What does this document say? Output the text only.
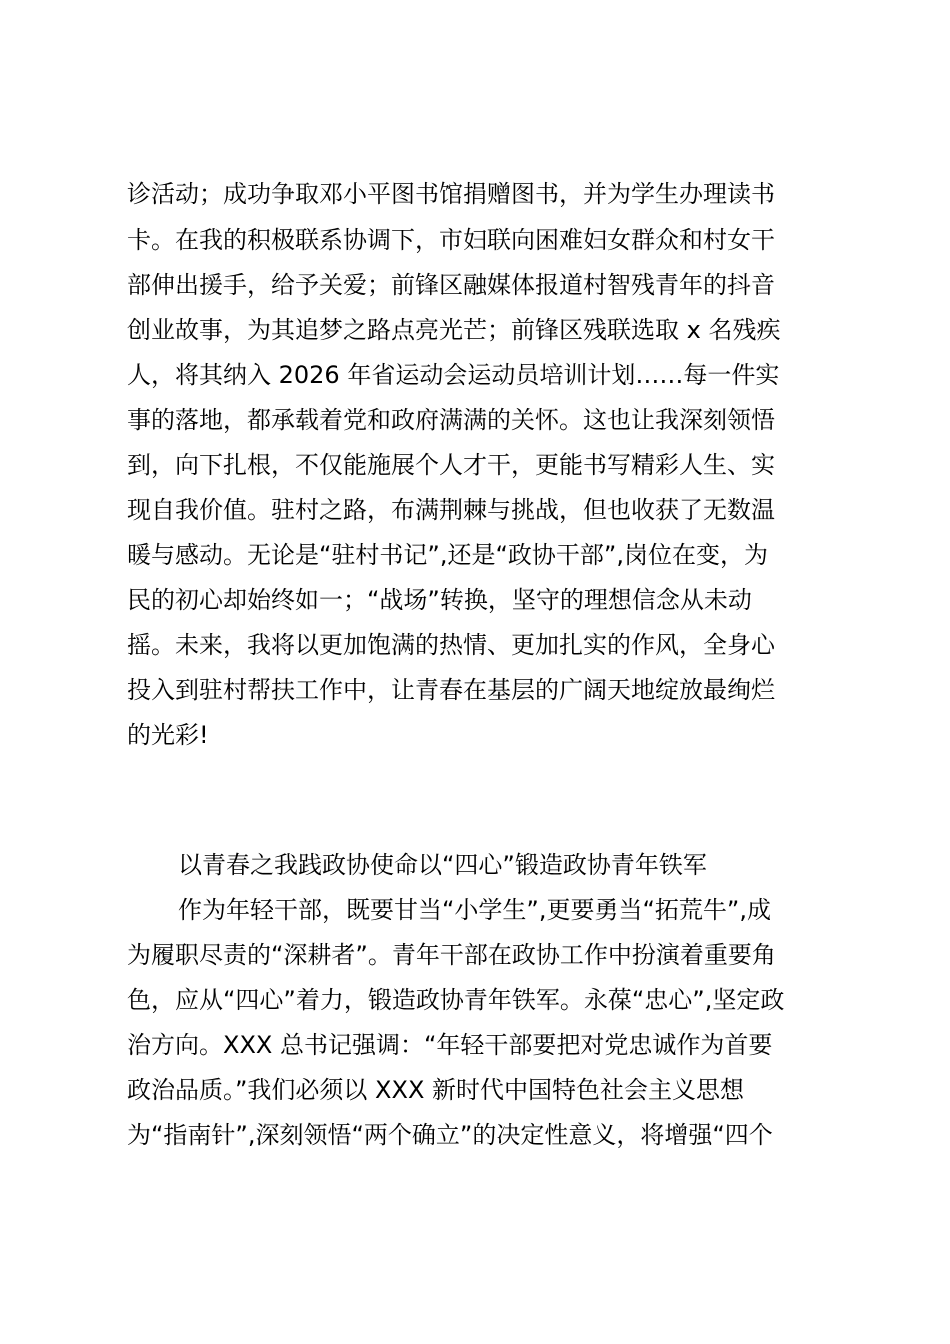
诊活动；成功争取邓小平图书馆捐赠图书，并为学生办理读书
卡。在我的积极联系协调下，市妇联向困难妇女群众和村女干
部伸出援手，给予关爱；前锋区融媒体报道村智残青年的抖音
创业故事，为其追梦之路点亮光芒；前锋区残联选取 x 名残疾
人，将其纳入 2026 年省运动会运动员培训计划……每一件实
事的落地，都承载着党和政府满满的关怀。这也让我深刻领悟
到，向下扎根，不仅能施展个人才干，更能书写精彩人生、实
现自我价值。驻村之路，布满荆棘与挑战，但也收获了无数温
暖与感动。无论是“驻村书记”,还是“政协干部”,岗位在变，为
民的初心却始终如一；“战场”转换，坚守的理想信念从未动
摇。未来，我将以更加饱满的热情、更加扎实的作风，全身心
投入到驻村帮扶工作中，让青春在基层的广阔天地绽放最绚烂
的光彩!
以青春之我践政协使命以“四心”锻造政协青年铁军
作为年轻干部，既要甘当“小学生”,更要勇当“拓荒牛”,成
为履职尽责的“深耕者”。青年干部在政协工作中扮演着重要角
色，应从“四心”着力，锻造政协青年铁军。永葆“忠心”,坚定政
治方向。XXX 总书记强调：“年轻干部要把对党忠诚作为首要
政治品质。”我们必须以 XXX 新时代中国特色社会主义思想
为“指南针”,深刻领悟“两个确立”的决定性意义，将增强“四个
